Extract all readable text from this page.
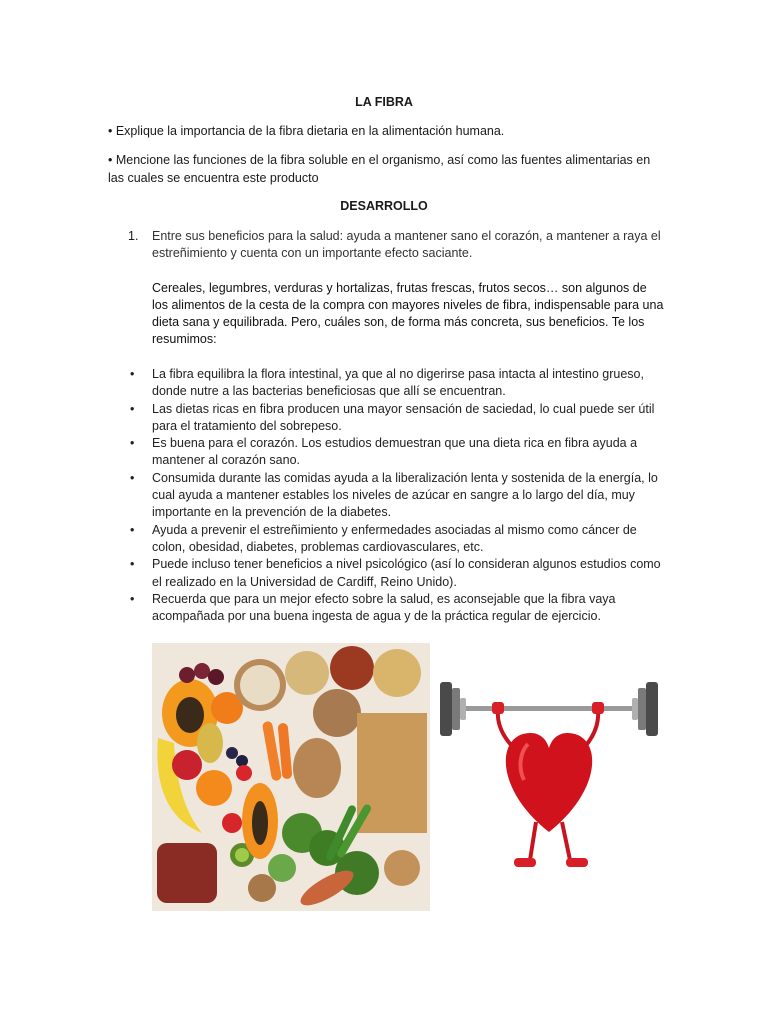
LA FIBRA
• Explique la importancia de la fibra dietaria en la alimentación humana.
• Mencione las funciones de la fibra soluble en el organismo, así como las fuentes alimentarias en las cuales se encuentra este producto
DESARROLLO
1. Entre sus beneficios para la salud: ayuda a mantener sano el corazón, a mantener a raya el estreñimiento y cuenta con un importante efecto saciante.
Cereales, legumbres, verduras y hortalizas, frutas frescas, frutos secos… son algunos de los alimentos de la cesta de la compra con mayores niveles de fibra, indispensable para una dieta sana y equilibrada. Pero, cuáles son, de forma más concreta, sus beneficios. Te los resumimos:
• La fibra equilibra la flora intestinal, ya que al no digerirse pasa intacta al intestino grueso, donde nutre a las bacterias beneficiosas que allí se encuentran.
• Las dietas ricas en fibra producen una mayor sensación de saciedad, lo cual puede ser útil para el tratamiento del sobrepeso.
• Es buena para el corazón. Los estudios demuestran que una dieta rica en fibra ayuda a mantener al corazón sano.
• Consumida durante las comidas ayuda a la liberalización lenta y sostenida de la energía, lo cual ayuda a mantener estables los niveles de azúcar en sangre a lo largo del día, muy importante en la prevención de la diabetes.
• Ayuda a prevenir el estreñimiento y enfermedades asociadas al mismo como cáncer de colon, obesidad, diabetes, problemas cardiovasculares, etc.
• Puede incluso tener beneficios a nivel psicológico (así lo consideran algunos estudios como el realizado en la Universidad de Cardiff, Reino Unido).
• Recuerda que para un mejor efecto sobre la salud, es aconsejable que la fibra vaya acompañada por una buena ingesta de agua y de la práctica regular de ejercicio.
